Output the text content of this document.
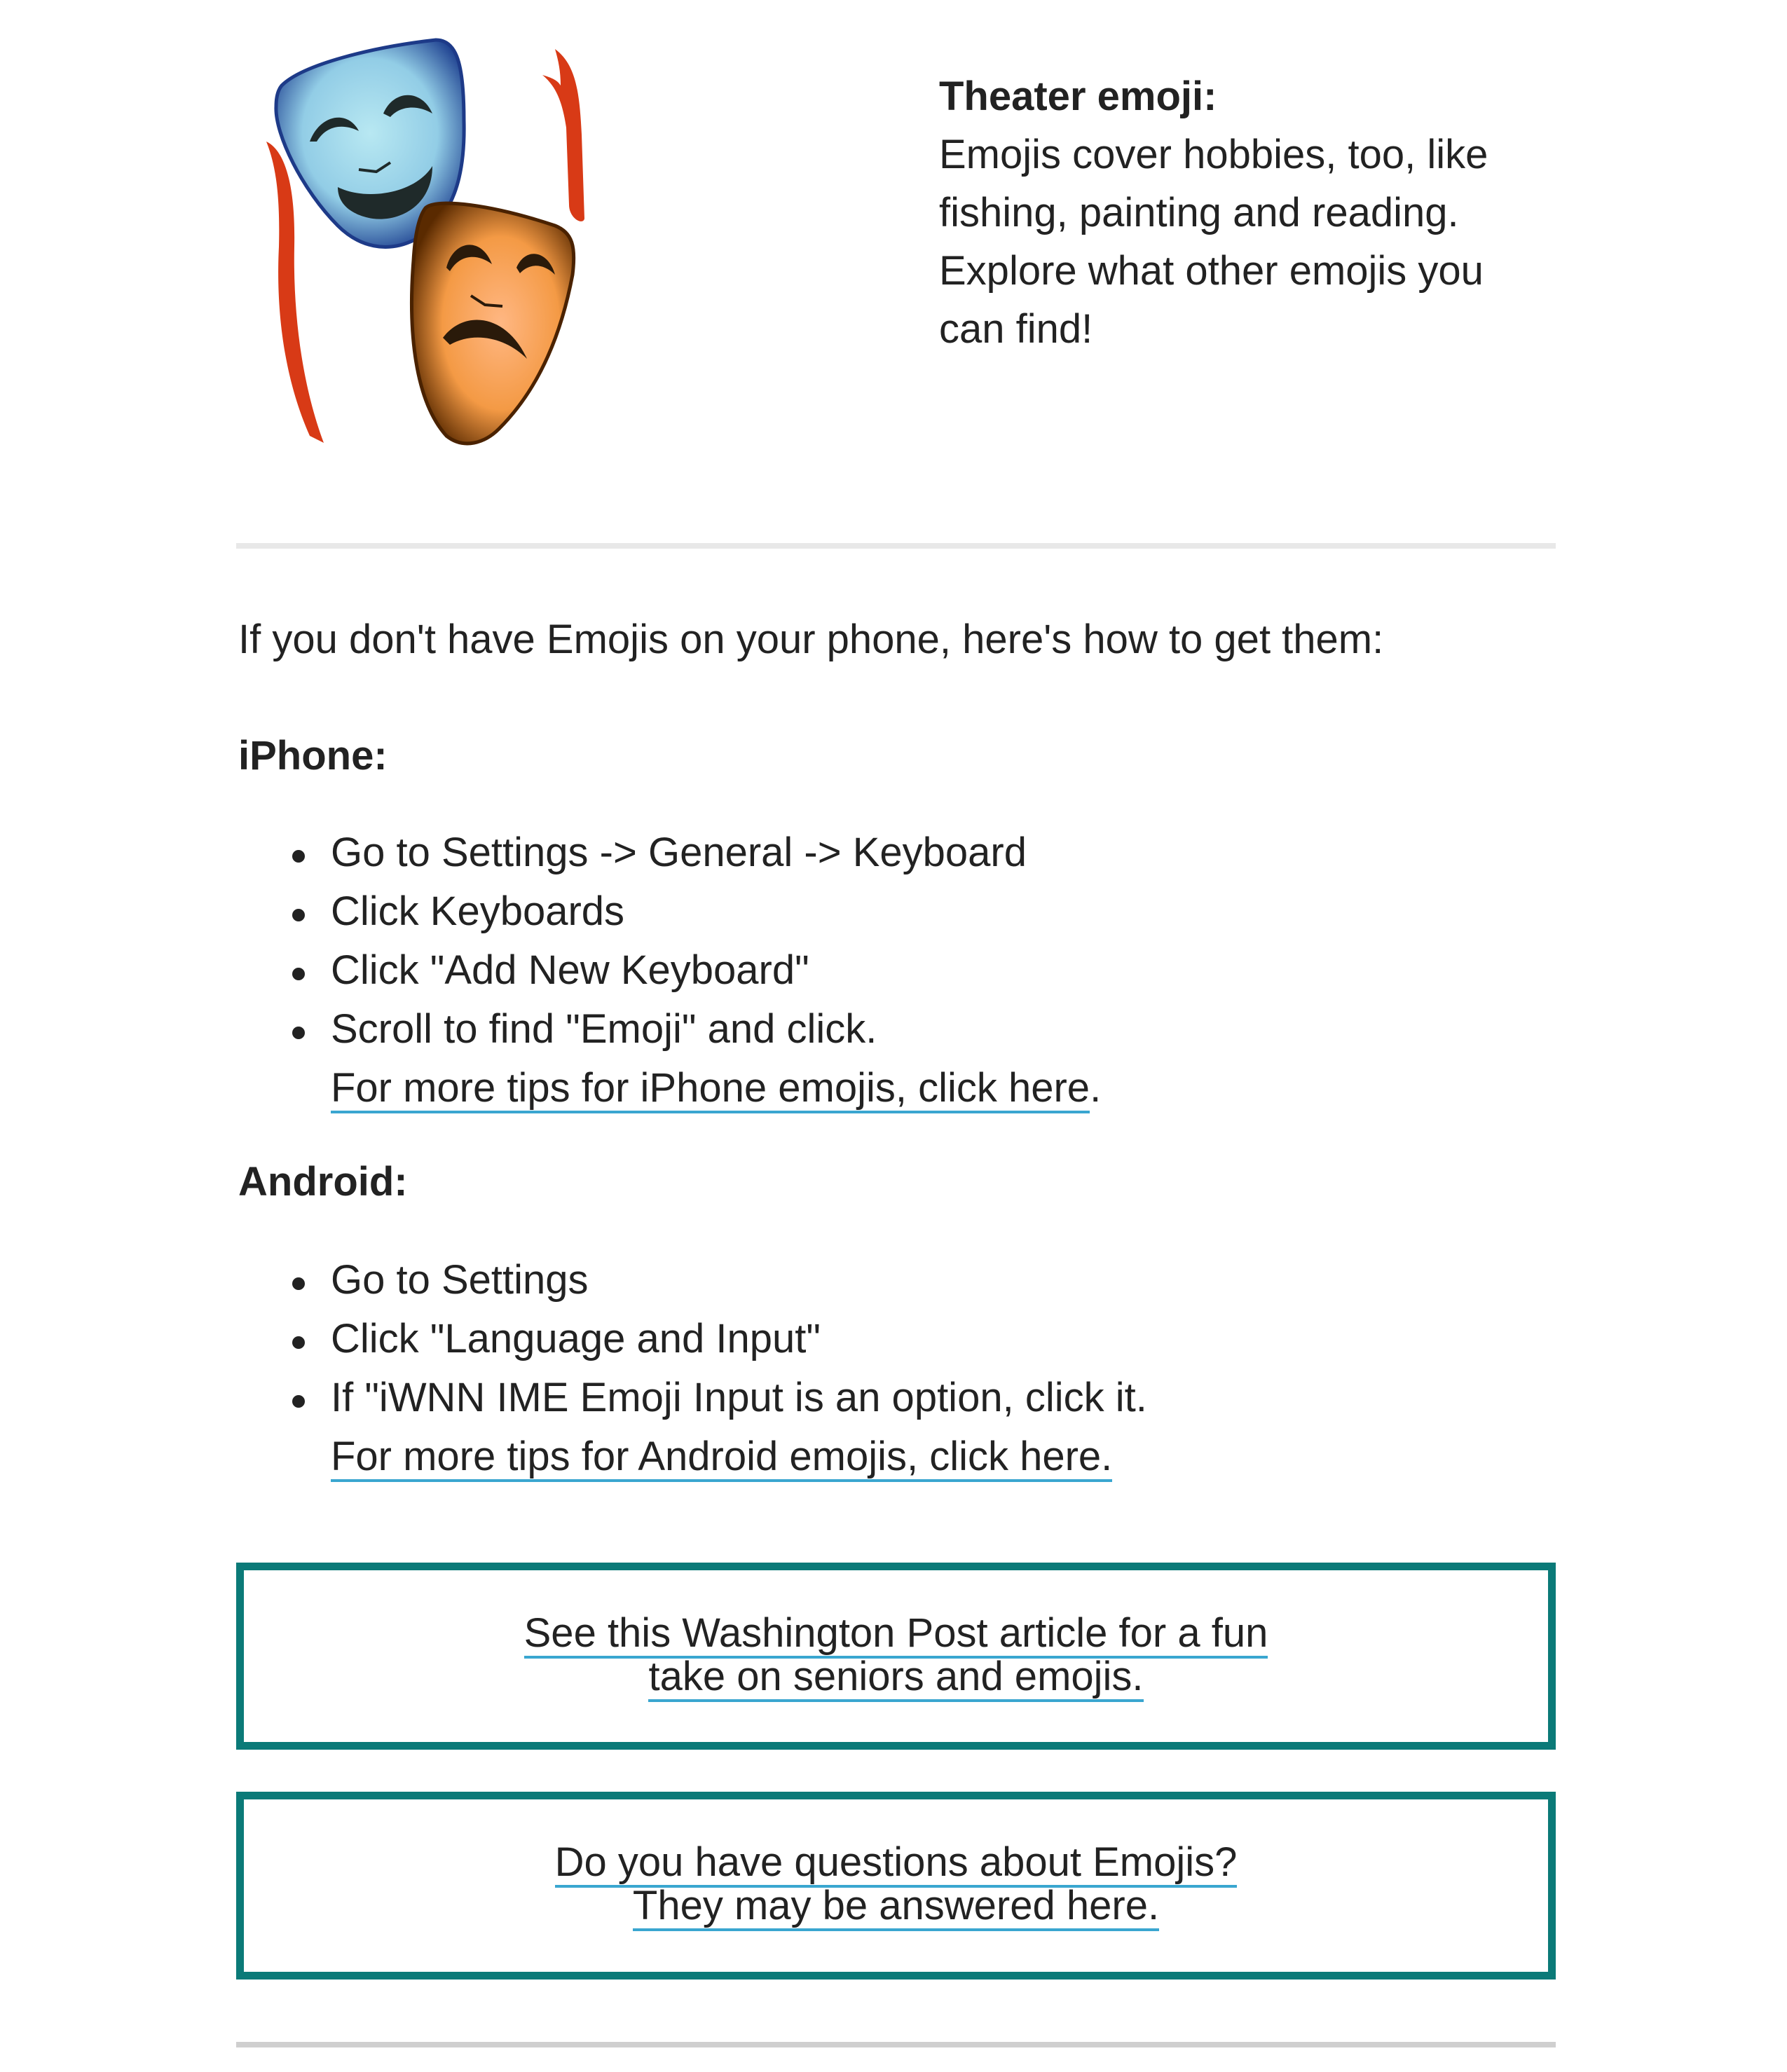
Theater emoji:
Emojis cover hobbies, too, like
fishing, painting and reading.
Explore what other emojis you
can find!
If you don't have Emojis on your phone, here's how to get them:
iPhone:
Go to Settings -> General -> Keyboard
Click Keyboards
Click "Add New Keyboard"
Scroll to find "Emoji" and click.
For more tips for iPhone emojis, click here.
Android:
Go to Settings
Click "Language and Input"
If "iWNN IME Emoji Input is an option, click it.
For more tips for Android emojis, click here.
See this Washington Post article for a fun
take on seniors and emojis.
Do you have questions about Emojis?
They may be answered here.
